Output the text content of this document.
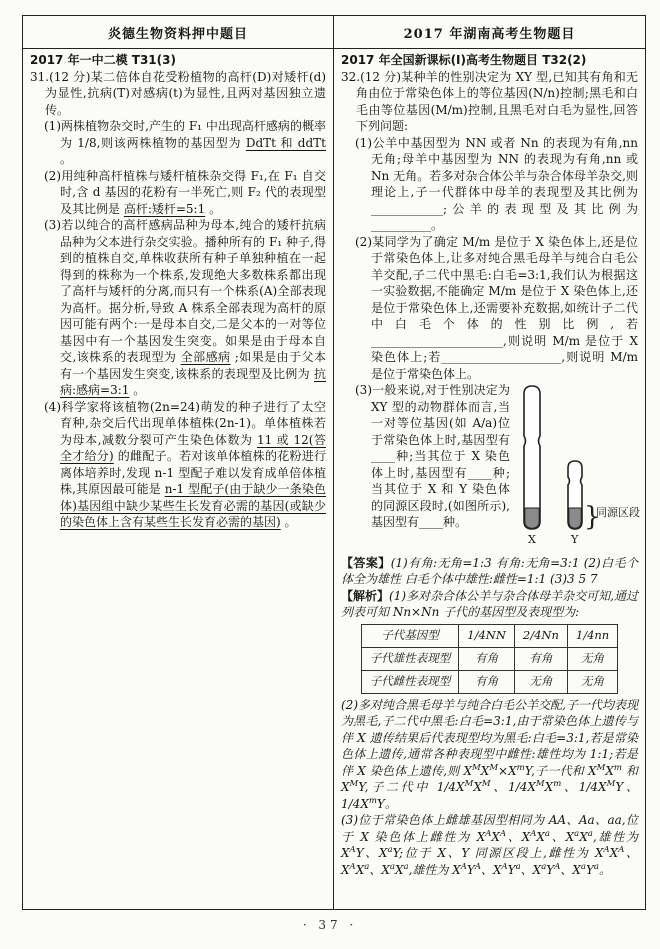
炎德生物资料押中题目	2017 年湖南高考生物题目
2017 年一中二模 T31(3)
31.(12 分)某二倍体自花受粉植物的高杆(D)对矮杆(d)为显性,抗病(T)对感病(t)为显性,且两对基因独立遗传。
(1)两株植物杂交时,产生的 F₁ 中出现高杆感病的概率为 1/8,则该两株植物的基因型为 DdTt 和 ddTt 。
(2)用纯种高杆植株与矮杆植株杂交得 F₁,在 F₁ 自交时,含 d 基因的花粉有一半死亡,则 F₂ 代的表现型及其比例是 高杆:矮杆=5:1 。
(3)若以纯合的高杆感病品种为母本,纯合的矮杆抗病品种为父本进行杂交实验。播种所有的 F₁ 种子,得到的植株自交,单株收获所有种子单独种植在一起得到的株称为一个株系,发现绝大多数株系都出现了高杆与矮杆的分离,而只有一个株系(A)全部表现为高杆。据分析,导致 A 株系全部表现为高杆的原因可能有两个:一是母本自交,二是父本的一对等位基因中有一个基因发生突变。如果是由于母本自交,该株系的表现型为 全部感病 ;如果是由于父本有一个基因发生突变,该株系的表现型及比例为 抗病:感病=3:1 。
(4)科学家将该植物(2n=24)萌发的种子进行了太空育种,杂交后代出现单体植株(2n-1)。单体植株若为母本,减数分裂可产生染色体数为 11 或 12(答全才给分) 的雌配子。若对该单体植株的花粉进行离体培养时,发现 n-1 型配子难以发育成单倍体植株,其原因最可能是 n-1 型配子(由于缺少一条染色体)基因组中缺少某些生长发育必需的基因(或缺少的染色体上含有某些生长发育必需的基因) 。
2017 年全国新课标(Ⅰ)高考生物题目 T32(2)
32.(12 分)某种羊的性别决定为 XY 型,已知其有角和无角由位于常染色体上的等位基因(N/n)控制;黑毛和白毛由等位基因(M/m)控制,且黑毛对白毛为显性,回答下列问题:
(1)公羊中基因型为 NN 或者 Nn 的表现为有角,nn 无角;母羊中基因型为 NN 的表现为有角,nn 或 Nn 无角。若多对杂合体公羊与杂合体母羊杂交,则理论上,子一代群体中母羊的表现型及其比例为____________;公羊的表现型及其比例为__________。
(2)某同学为了确定 M/m 是位于 X 染色体上,还是位于常染色体上,让多对纯合黑毛母羊与纯合白毛公羊交配,子二代中黑毛:白毛=3:1,我们认为根据这一实验数据,不能确定 M/m 是位于 X 染色体上,还是位于常染色体上,还需要补充数据,如统计子二代中白毛个体的性别比例,若______________________,则说明 M/m 是位于 X 染色体上;若____________________,则说明 M/m 是位于常染色体上。
(3)一般来说,对于性别决定为 XY 型的动物群体而言,当一对等位基因(如 A/a)位于常染色体上时,基因型有____种;当其位于 X 染色体上时,基因型有____种;当其位于 X 和 Y 染色体的同源区段时,(如图所示),基因型有____种。	}
同源区段
X	Y
【答案】(1)有角:无角=1:3 有角:无角=3:1 (2)白毛个体全为雄性 白毛个体中雄性:雌性=1:1 (3)3 5 7
【解析】(1)多对杂合体公羊与杂合体母羊杂交可知,通过列表可知 Nn×Nn 子代的基因型及表现型为:
子代基因型	1/4NN	2/4Nn	1/4nn
子代雄性表现型	有角	有角	无角
子代雌性表现型	有角	无角	无角
(2)多对纯合黑毛母羊与纯合白毛公羊交配,子一代均表现为黑毛,子二代中黑毛:白毛=3:1,由于常染色体上遗传与伴 X 遗传结果后代表现型均为黑毛:白毛=3:1,若是常染色体上遗传,通常各种表现型中雌性:雄性均为 1:1;若是伴 X 染色体上遗传,则 $X^MX^M\times X^mY$,子一代和 $X^MX^m$ 和 $X^MY$,子二代中 $1/4X^MX^M$、$1/4X^MX^m$、$1/4X^MY$、$1/4X^mY$。
(3)位于常染色体上雌雄基因型相同为 AA、Aa、aa,位于 X 染色体上雌性为 $X^AX^A$、$X^AX^a$、$X^aX^a$,雄性为 $X^AY$、$X^aY$;位于 X、Y 同源区段上,雌性为 $X^AX^A$、$X^AX^a$、$X^aX^a$,雄性为 $X^AY^A$、$X^AY^a$、$X^aY^A$、$X^aY^a$。
· 37 ·
